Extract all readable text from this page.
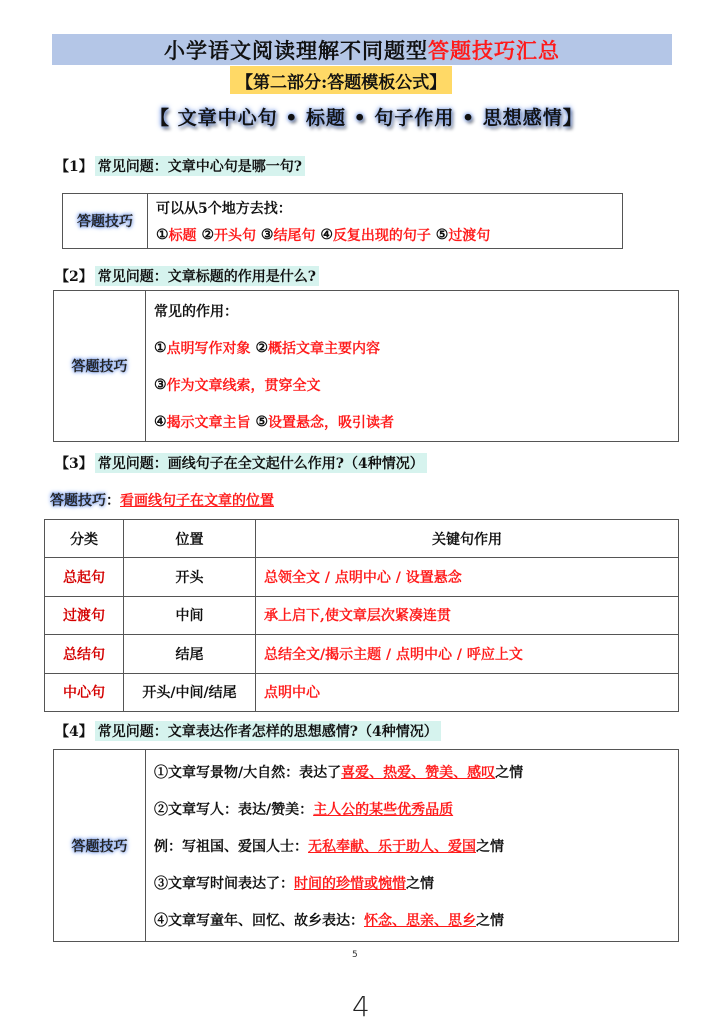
小学语文阅读理解不同题型 答题技巧汇总
【第二部分:答题模板公式】
【 文章中心句 • 标题 • 句子作用 • 思想感情】
【1】 常见问题：文章中心句是哪一句?
答题技巧	
可以从5个地方去找：
① 标题
② 开头句
③ 结尾句
④ 反复出现的句子
⑤ 过渡句
【2】 常见问题：文章标题的作用是什么?
答题技巧	
常见的作用：
① 点明写作对象
② 概括文章主要内容
③ 作为文章线索，贯穿全文
④ 揭示文章主旨
⑤ 设置悬念，吸引读者
【3】 常见问题：画线句子在全文起什么作用?（4种情况）
答题技巧 ： 看画线句子在文章的位置
分类	位置	关键句作用
总起句	开头	总领全文 / 点明中心 / 设置悬念
过渡句	中间	承上启下,使文章层次紧凑连贯
总结句	结尾	总结全文/揭示主题 / 点明中心 / 呼应上文
中心句	开头/中间/结尾	点明中心
【4】 常见问题：文章表达作者怎样的思想感情?（4种情况）
答题技巧	
①文章写景物/大自然：表达了 喜爱、热爱、赞美、感叹 之情
②文章写人：表达/赞美： 主人公的某些优秀品质
例：写祖国、爱国人士： 无私奉献、乐于助人、爱国 之情
③文章写时间表达了： 时间的珍惜或惋惜 之情
④文章写童年、回忆、故乡表达： 怀念、思亲、思乡 之情
5
4
